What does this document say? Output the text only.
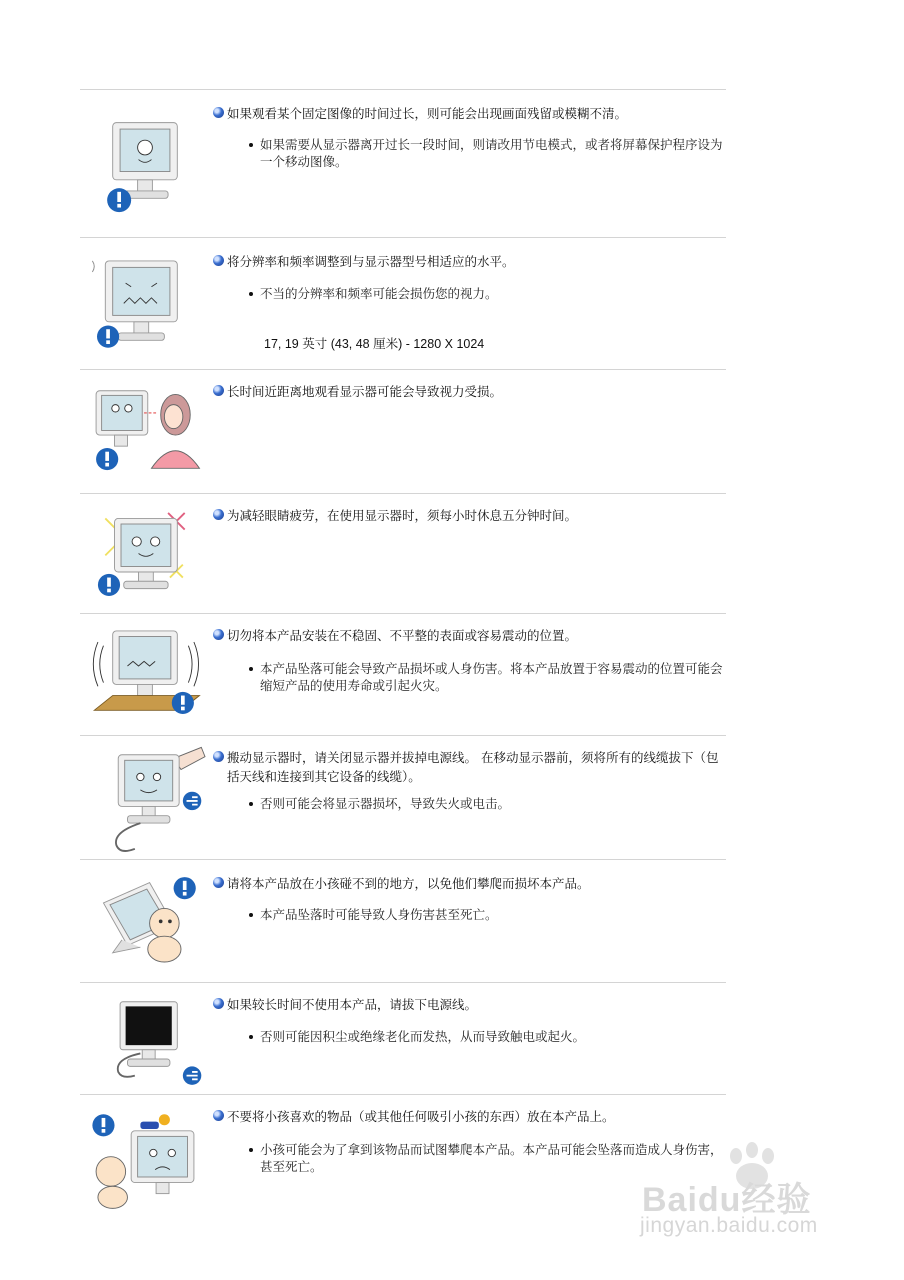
如果观看某个固定图像的时间过长，则可能会出现画面残留或模糊不清。
如果需要从显示器离开过长一段时间，则请改用节电模式，或者将屏幕保护程序设为一个移动图像。
将分辨率和频率调整到与显示器型号相适应的水平。
不当的分辨率和频率可能会损伤您的视力。
17, 19 英寸 (43, 48 厘米) - 1280 X 1024
长时间近距离地观看显示器可能会导致视力受损。
为减轻眼睛疲劳，在使用显示器时，须每小时休息五分钟时间。
切勿将本产品安装在不稳固、不平整的表面或容易震动的位置。
本产品坠落可能会导致产品损坏或人身伤害。将本产品放置于容易震动的位置可能会缩短产品的使用寿命或引起火灾。
搬动显示器时，请关闭显示器并拔掉电源线。 在移动显示器前，须将所有的线缆拔下（包括天线和连接到其它设备的线缆）。
否则可能会将显示器损坏，导致失火或电击。
请将本产品放在小孩碰不到的地方，以免他们攀爬而损坏本产品。
本产品坠落时可能导致人身伤害甚至死亡。
如果较长时间不使用本产品，请拔下电源线。
否则可能因积尘或绝缘老化而发热，从而导致触电或起火。
不要将小孩喜欢的物品（或其他任何吸引小孩的东西）放在本产品上。
小孩可能会为了拿到该物品而试图攀爬本产品。本产品可能会坠落而造成人身伤害，甚至死亡。
Baidu经验
jingyan.baidu.com
